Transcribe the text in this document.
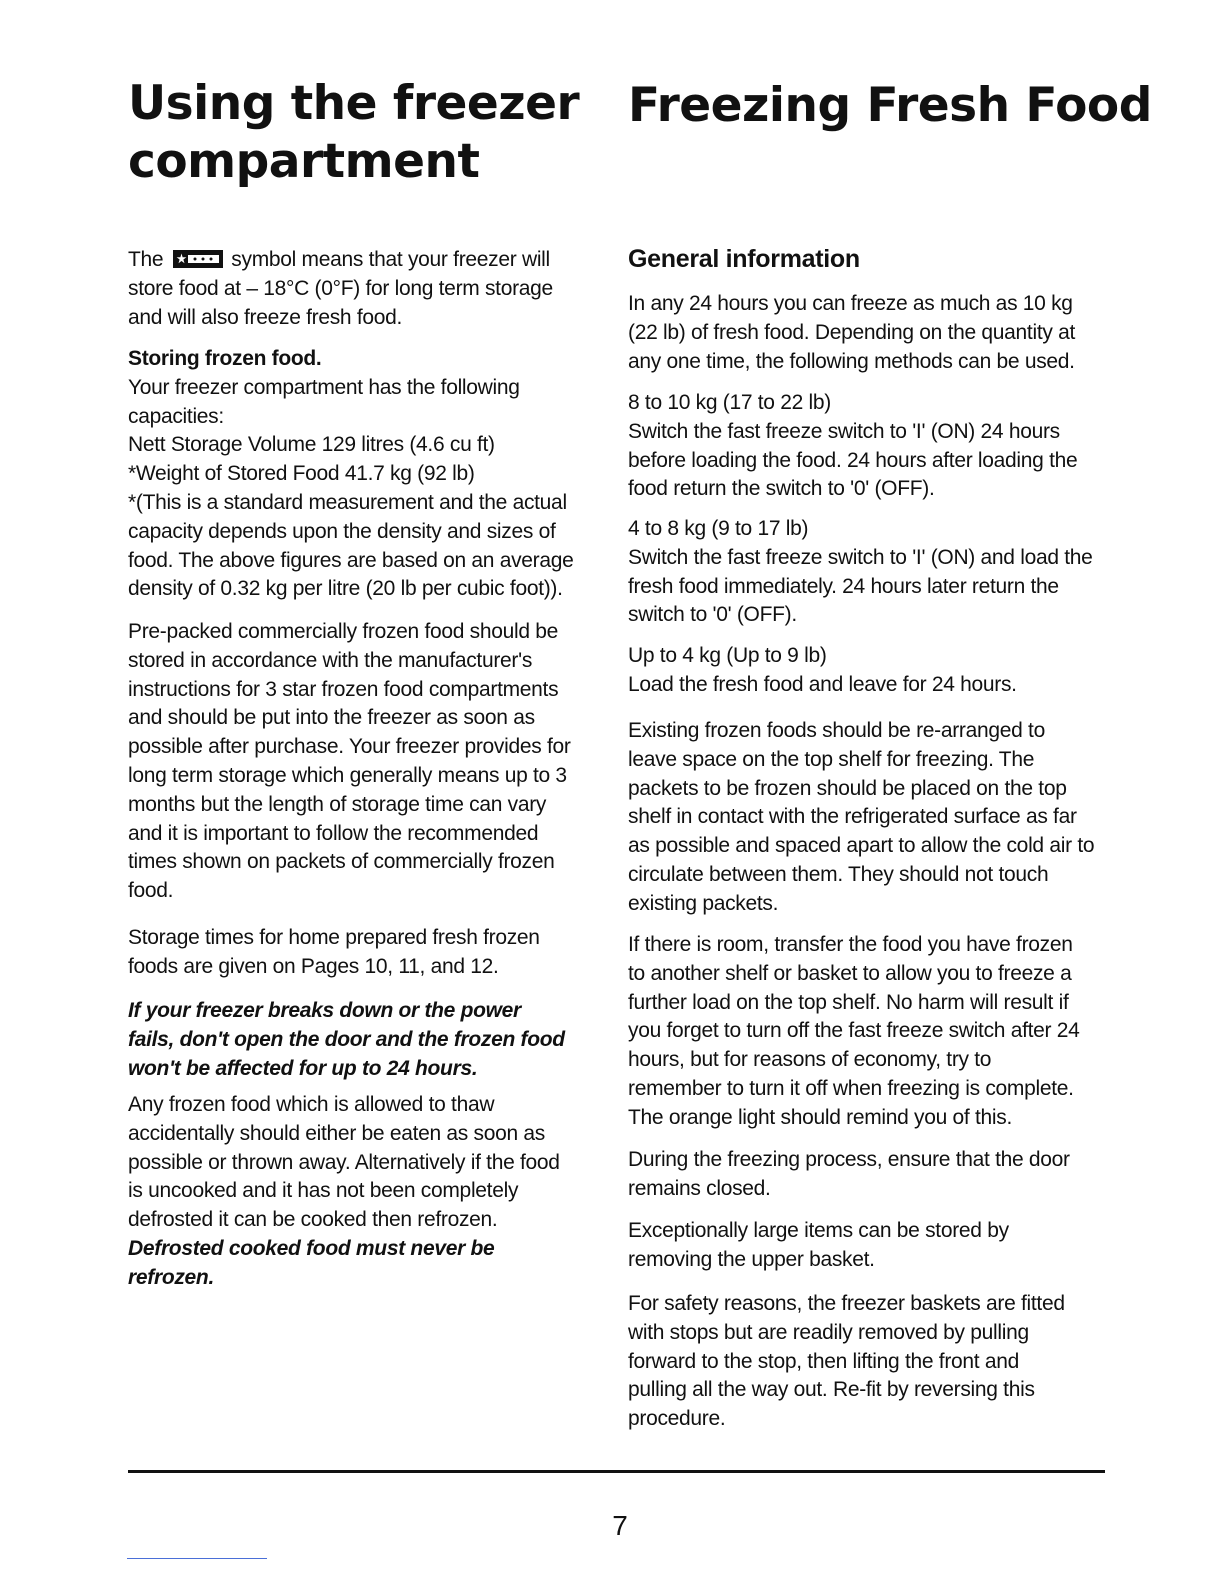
Using the freezer
compartment
Freezing Fresh Food

The	symbol means that your freezer will
store food at – 18°C (0°F) for long term storage
and will also freeze fresh food.

Storing frozen food.
Your freezer compartment has the following
capacities:
Nett Storage Volume 129 litres (4.6 cu ft)
*Weight of Stored Food 41.7 kg (92 lb)
*(This is a standard measurement and the actual
capacity depends upon the density and sizes of
food. The above figures are based on an average
density of 0.32 kg per litre (20 lb per cubic foot)).

Pre-packed commercially frozen food should be
stored in accordance with the manufacturer's
instructions for 3 star frozen food compartments
and should be put into the freezer as soon as
possible after purchase. Your freezer provides for
long term storage which generally means up to 3
months but the length of storage time can vary
and it is important to follow the recommended
times shown on packets of commercially frozen
food.

Storage times for home prepared fresh frozen
foods are given on Pages 10, 11, and 12.

If your freezer breaks down or the power
fails, don't open the door and the frozen food
won't be affected for up to 24 hours.

Any frozen food which is allowed to thaw
accidentally should either be eaten as soon as
possible or thrown away. Alternatively if the food
is uncooked and it has not been completely
defrosted it can be cooked then refrozen.
Defrosted cooked food must never be
refrozen.

General information

In any 24 hours you can freeze as much as 10 kg
(22 lb) of fresh food. Depending on the quantity at
any one time, the following methods can be used.

8 to 10 kg (17 to 22 lb)
Switch the fast freeze switch to 'I' (ON) 24 hours
before loading the food. 24 hours after loading the
food return the switch to '0' (OFF).

4 to 8 kg (9 to 17 lb)
Switch the fast freeze switch to 'I' (ON) and load the
fresh food immediately. 24 hours later return the
switch to '0' (OFF).

Up to 4 kg (Up to 9 lb)
Load the fresh food and leave for 24 hours.

Existing frozen foods should be re-arranged to
leave space on the top shelf for freezing. The
packets to be frozen should be placed on the top
shelf in contact with the refrigerated surface as far
as possible and spaced apart to allow the cold air to
circulate between them. They should not touch
existing packets.

If there is room, transfer the food you have frozen
to another shelf or basket to allow you to freeze a
further load on the top shelf. No harm will result if
you forget to turn off the fast freeze switch after 24
hours, but for reasons of economy, try to
remember to turn it off when freezing is complete.
The orange light should remind you of this.

During the freezing process, ensure that the door
remains closed.

Exceptionally large items can be stored by
removing the upper basket.

For safety reasons, the freezer baskets are fitted
with stops but are readily removed by pulling
forward to the stop, then lifting the front and
pulling all the way out. Re-fit by reversing this
procedure.

7
